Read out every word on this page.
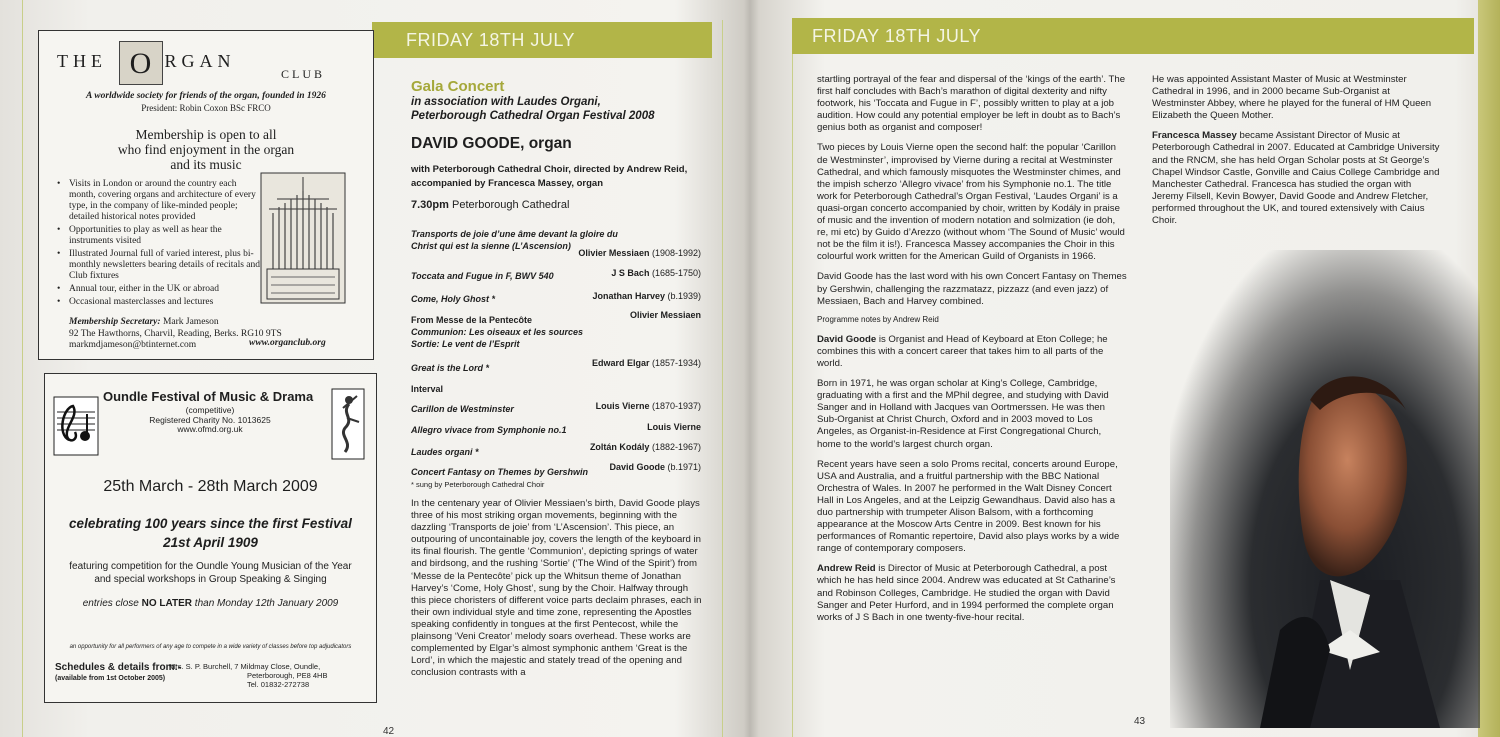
FRIDAY 18TH JULY
THE O RGAN
CLUB
A worldwide society for friends of the organ, founded in 1926
President: Robin Coxon BSc FRCO
Membership is open to all
who find enjoyment in the organ
and its music
• Visits in London or around the country each month, covering organs and architecture of every type, in the company of like-minded people; detailed historical notes provided
• Opportunities to play as well as hear the instruments visited
• Illustrated Journal full of varied interest, plus bi-monthly newsletters bearing details of recitals and Club fixtures
• Annual tour, either in the UK or abroad
• Occasional masterclasses and lectures
Membership Secretary: Mark Jameson
92 The Hawthorns, Charvil, Reading, Berks. RG10 9TS
markmdjameson@btinternet.com	www.organclub.org
Oundle Festival of Music & Drama
(competitive)
Registered Charity No. 1013625
www.ofmd.org.uk
25th March - 28th March 2009
celebrating 100 years since the first Festival
21st April 1909
featuring competition for the Oundle Young Musician of the Year
and special workshops in Group Speaking & Singing
entries close NO LATER than Monday 12th January 2009
an opportunity for all performers of any age to compete in a wide variety of classes before top adjudicators
Schedules & details from:-
(available from 1st October 2005)
Mrs. S. P. Burchell, 7 Mildmay Close, Oundle,
Peterborough, PE8 4HB
Tel. 01832-272738
Gala Concert
in association with Laudes Organi,
Peterborough Cathedral Organ Festival 2008
DAVID GOODE, organ
with Peterborough Cathedral Choir, directed by Andrew Reid,
accompanied by Francesca Massey, organ
7.30pm Peterborough Cathedral
Transports de joie d’une âme devant la gloire du Christ qui est la sienne (L’Ascension)
Olivier Messiaen (1908-1992)
Toccata and Fugue in F, BWV 540	J S Bach (1685-1750)
Come, Holy Ghost *	Jonathan Harvey (b.1939)
From Messe de la Pentecôte	Olivier Messiaen
Communion: Les oiseaux et les sources
Sortie: Le vent de l’Esprit
Great is the Lord *	Edward Elgar (1857-1934)
Interval
Carillon de Westminster	Louis Vierne (1870-1937)
Allegro vivace from Symphonie no.1	Louis Vierne
Laudes organi *	Zoltán Kodály (1882-1967)
Concert Fantasy on Themes by Gershwin	David Goode (b.1971)
* sung by Peterborough Cathedral Choir

In the centenary year of Olivier Messiaen’s birth, David Goode plays three of his most striking organ movements, beginning with the dazzling ‘Transports de joie’ from ‘L’Ascension’. This piece, an outpouring of uncontainable joy, covers the length of the keyboard in its final flourish. The gentle ‘Communion’, depicting springs of water and birdsong, and the rushing ‘Sortie’ (‘The Wind of the Spirit’) from ‘Messe de la Pentecôte’ pick up the Whitsun theme of Jonathan Harvey’s ‘Come, Holy Ghost’, sung by the Choir. Halfway through this piece choristers of different voice parts declaim phrases, each in their own individual style and time zone, representing the Apostles speaking confidently in tongues at the first Pentecost, while the plainsong ‘Veni Creator’ melody soars overhead. These works are complemented by Elgar’s almost symphonic anthem ‘Great is the Lord’, in which the majestic and stately tread of the opening and conclusion contrasts with a

42
FRIDAY 18TH JULY

startling portrayal of the fear and dispersal of the ‘kings of the earth’. The first half concludes with Bach’s marathon of digital dexterity and nifty footwork, his ‘Toccata and Fugue in F’, possibly written to play at a job audition. How could any potential employer be left in doubt as to Bach’s genius both as organist and composer!

Two pieces by Louis Vierne open the second half: the popular ‘Carillon de Westminster’, improvised by Vierne during a recital at Westminster Cathedral, and which famously misquotes the Westminster chimes, and the impish scherzo ‘Allegro vivace’ from his Symphonie no.1. The title work for Peterborough Cathedral’s Organ Festival, ‘Laudes Organi’ is a quasi-organ concerto accompanied by choir, written by Kodály in praise of music and the invention of modern notation and solmization (ie doh, re, mi etc) by Guido d’Arezzo (without whom ‘The Sound of Music’ would not be the film it is!). Francesca Massey accompanies the Choir in this colourful work written for the American Guild of Organists in 1966.

David Goode has the last word with his own Concert Fantasy on Themes by Gershwin, challenging the razzmatazz, pizzazz (and even jazz) of Messiaen, Bach and Harvey combined.

Programme notes by Andrew Reid

David Goode is Organist and Head of Keyboard at Eton College; he combines this with a concert career that takes him to all parts of the world.

Born in 1971, he was organ scholar at King’s College, Cambridge, graduating with a first and the MPhil degree, and studying with David Sanger and in Holland with Jacques van Oortmerssen. He was then Sub-Organist at Christ Church, Oxford and in 2003 moved to Los Angeles, as Organist-in-Residence at First Congregational Church, home to the world’s largest church organ.

Recent years have seen a solo Proms recital, concerts around Europe, USA and Australia, and a fruitful partnership with the BBC National Orchestra of Wales. In 2007 he performed in the Walt Disney Concert Hall in Los Angeles, and at the Leipzig Gewandhaus. David also has a duo partnership with trumpeter Alison Balsom, with a forthcoming appearance at the Moscow Arts Centre in 2009. Best known for his performances of Romantic repertoire, David also plays works by a wide range of contemporary composers.

Andrew Reid is Director of Music at Peterborough Cathedral, a post which he has held since 2004. Andrew was educated at St Catharine’s and Robinson Colleges, Cambridge. He studied the organ with David Sanger and Peter Hurford, and in 1994 performed the complete organ works of J S Bach in one twenty-five-hour recital.

He was appointed Assistant Master of Music at Westminster Cathedral in 1996, and in 2000 became Sub-Organist at Westminster Abbey, where he played for the funeral of HM Queen Elizabeth the Queen Mother.

Francesca Massey became Assistant Director of Music at Peterborough Cathedral in 2007. Educated at Cambridge University and the RNCM, she has held Organ Scholar posts at St George’s Chapel Windsor Castle, Gonville and Caius College Cambridge and Manchester Cathedral. Francesca has studied the organ with Jeremy Filsell, Kevin Bowyer, David Goode and Andrew Fletcher, performed throughout the UK, and toured extensively with Caius Choir.

43
